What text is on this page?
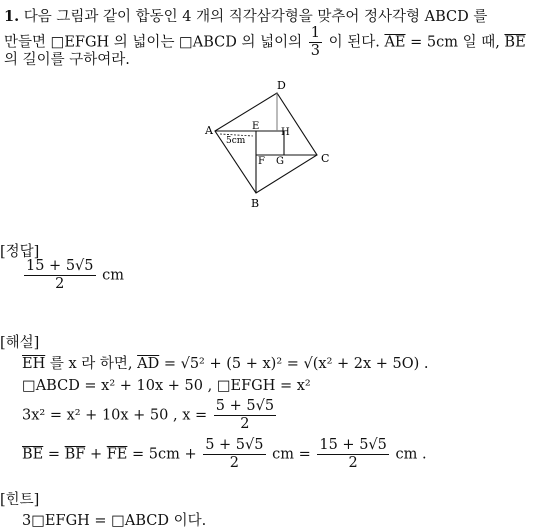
1. 다음 그림과 같이 합동인 4 개의 직각삼각형을 맞추어 정사각형 ABCD 를
만들면 □EFGH 의 넓이는 □ABCD 의 넓이의 $\frac{1}{3}$ 이 된다. $\overline{AE} = 5cm$ 일 때, $\overline{BE}$
의 길이를 구하여라.
A
D
C
B
E
H
F G
5cm
[정답]
$\frac{15 + 5√5}{2}$ cm
[해설]
$\overline{EH}$ 를 x 라 하면, $\overline{AD} = √5^2 + (5 + x)^2 = √(x^2 + 2x + 5O)$ .
□ABCD = x² + 10x + 50 , □EFGH = x²
3x² = x² + 10x + 50 , $x = \frac{5 + 5√5}{2}$
$\overline{BE} = \overline{BF} + \overline{FE} = 5cm + \frac{5 + 5√5}{2}$ cm = $\frac{15 + 5√5}{2}$ cm .
[힌트]
3□EFGH = □ABCD 이다.
